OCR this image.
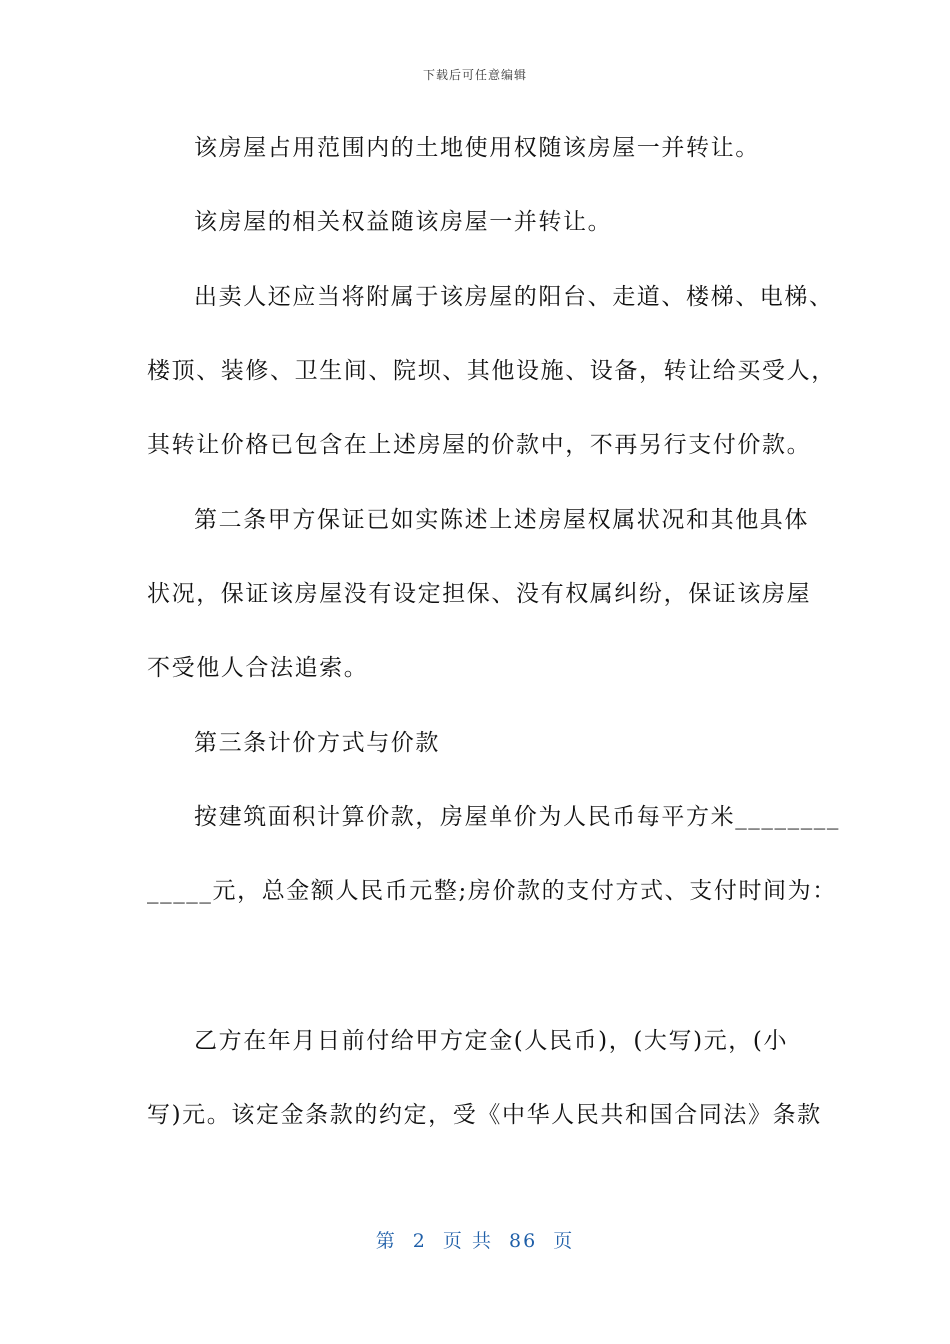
下载后可任意编辑
该房屋占用范围内的土地使用权随该房屋一并转让。
该房屋的相关权益随该房屋一并转让。
出卖人还应当将附属于该房屋的阳台、走道、楼梯、电梯、
楼顶、装修、卫生间、院坝、其他设施、设备，转让给买受人，
其转让价格已包含在上述房屋的价款中，不再另行支付价款。
第二条甲方保证已如实陈述上述房屋权属状况和其他具体
状况，保证该房屋没有设定担保、没有权属纠纷，保证该房屋
不受他人合法追索。
第三条计价方式与价款
按建筑面积计算价款，房屋单价为人民币每平方米________
_____元，总金额人民币元整;房价款的支付方式、支付时间为：
乙方在年月日前付给甲方定金(人民币)，(大写)元，(小
写)元。该定金条款的约定，受《中华人民共和国合同法》条款
第 2 页 共 86 页
